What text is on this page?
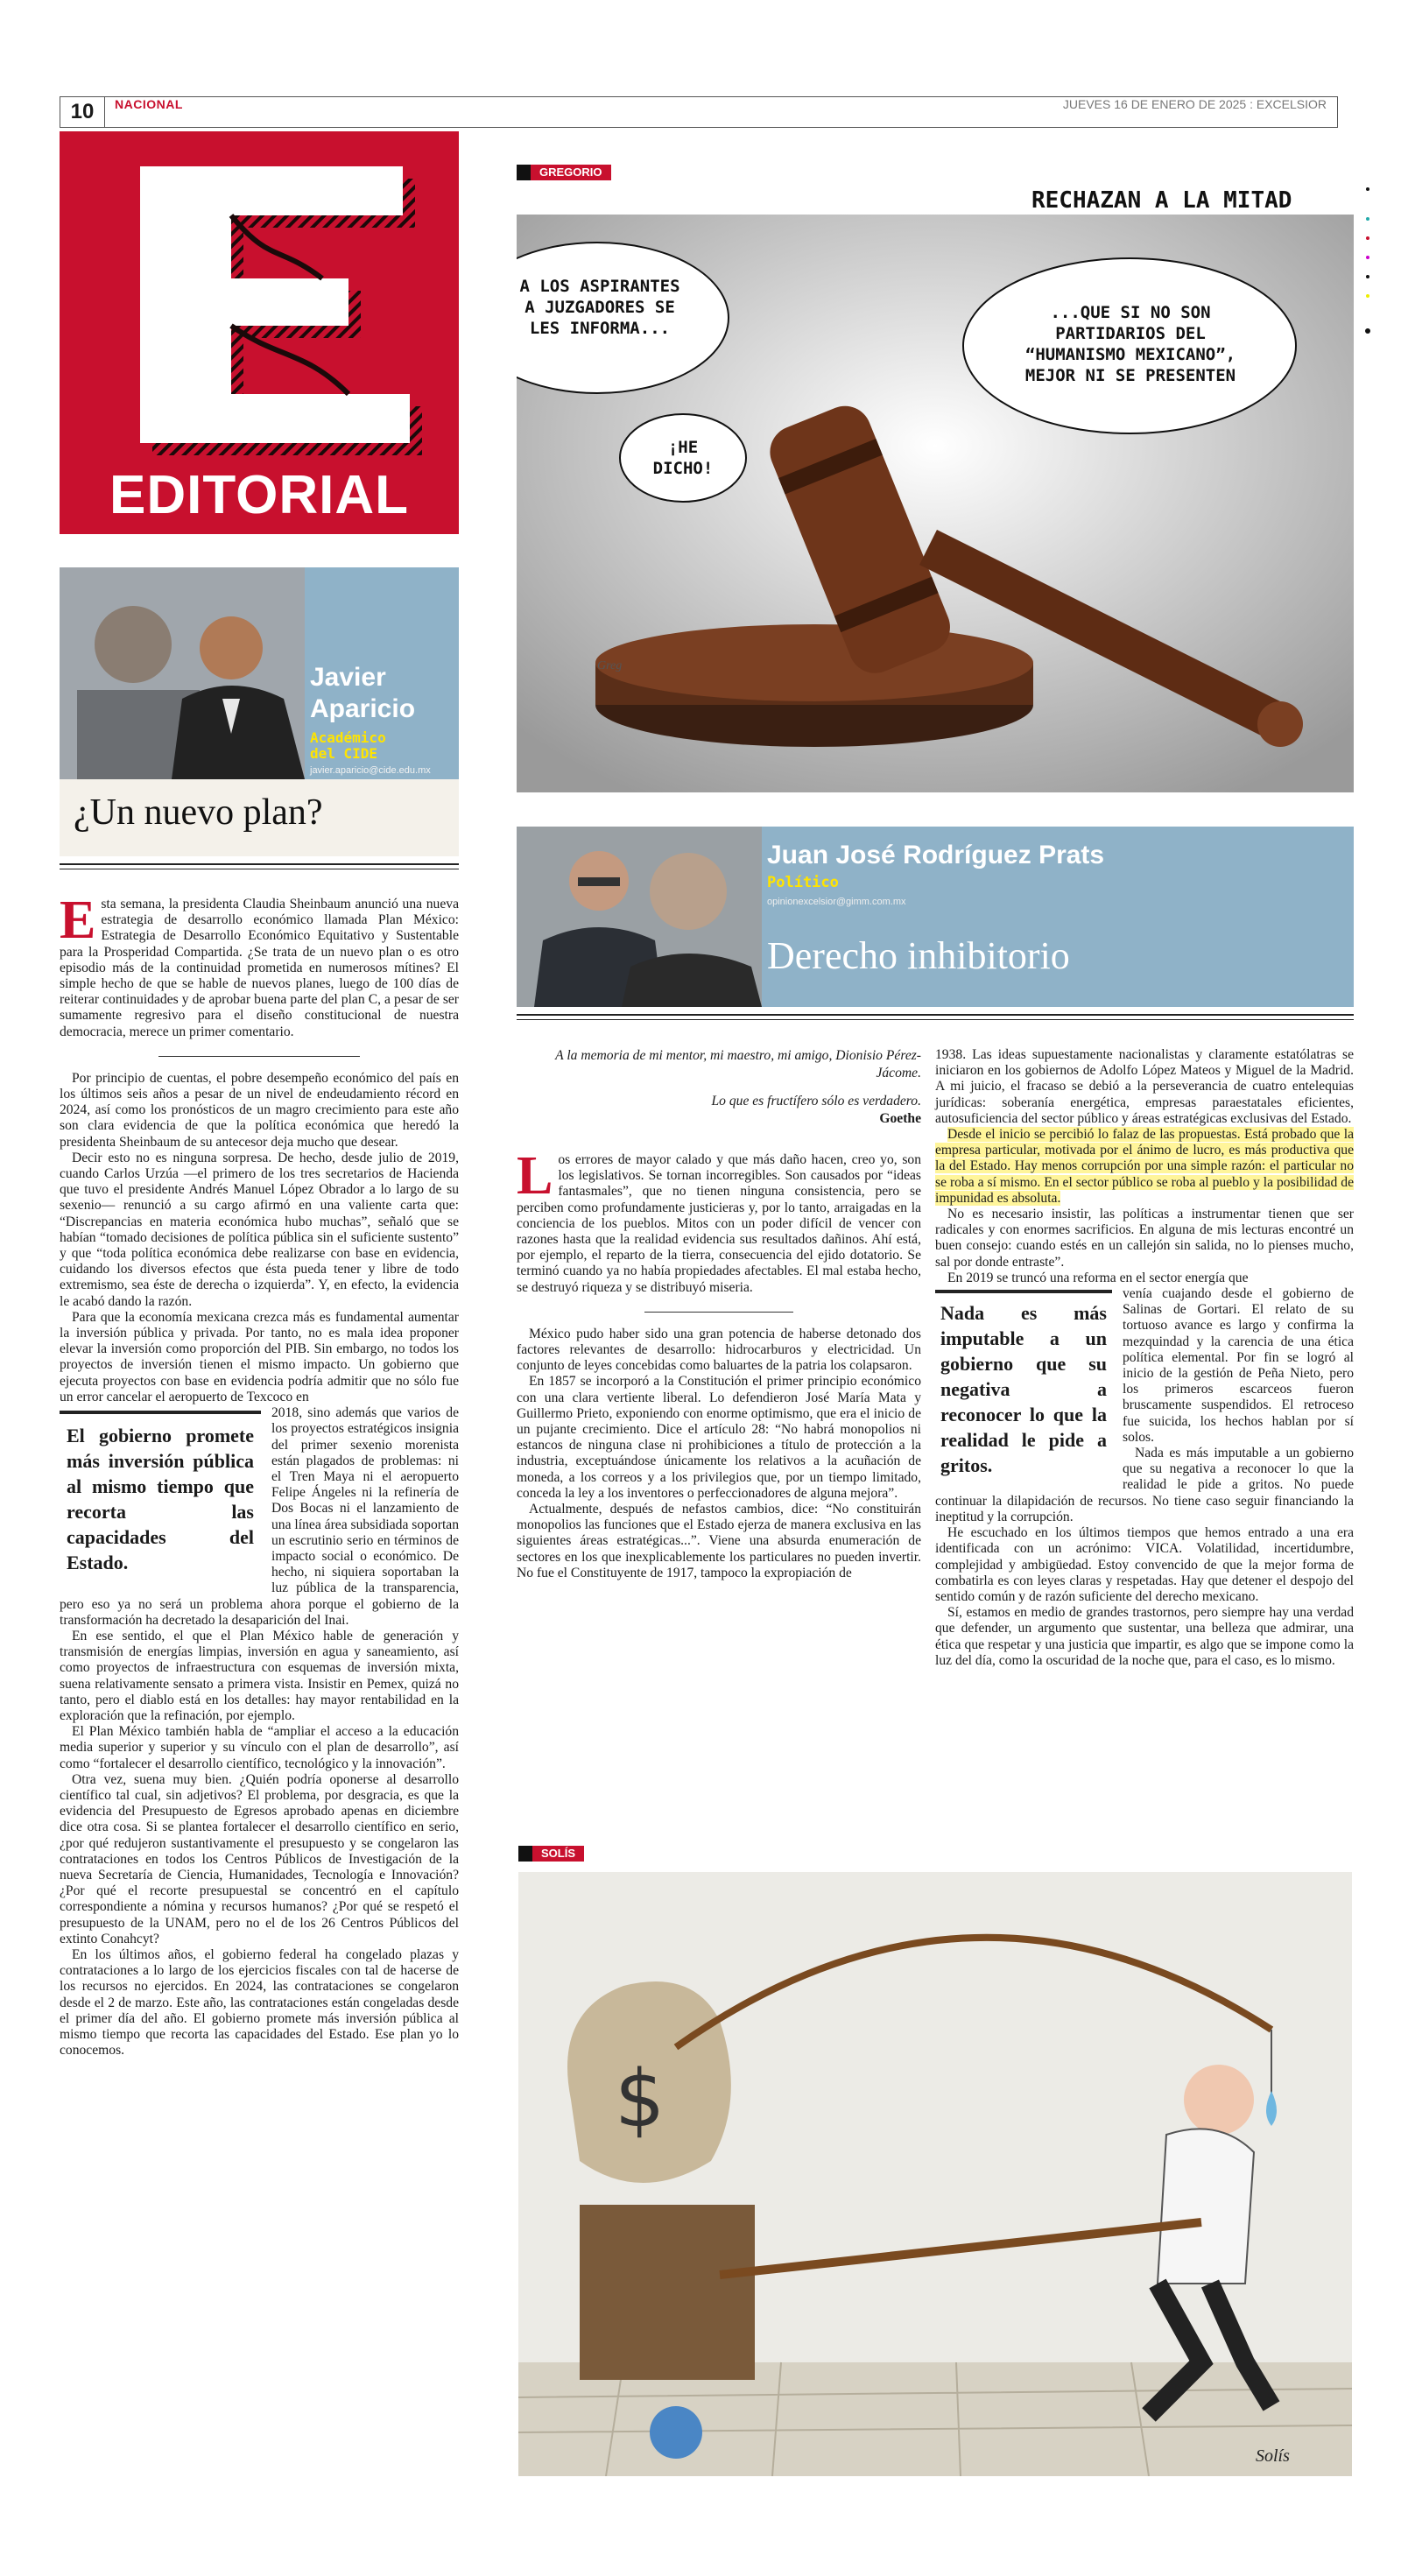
10	NACIONAL	JUEVES 16 DE ENERO DE 2025 : EXCELSIOR
EDITORIAL
Javier
Aparicio
Académico
del CIDE
javier.aparicio@cide.edu.mx
¿Un nuevo plan?
E sta semana, la presidenta Claudia Sheinbaum anunció una nueva estrategia de desarrollo económico llamada Plan México: Estrategia de Desarrollo Económico Equitativo y Sustentable para la Prosperidad Compartida. ¿Se trata de un nuevo plan o es otro episodio más de la continuidad prometida en numerosos mítines? El simple hecho de que se hable de nuevos planes, luego de 100 días de reiterar continuidades y de aprobar buena parte del plan C, a pesar de ser sumamente regresivo para el diseño constitucional de nuestra democracia, merece un primer comentario.

Por principio de cuentas, el pobre desempeño económico del país en los últimos seis años a pesar de un nivel de endeudamiento récord en 2024, así como los pronósticos de un magro crecimiento para este año son clara evidencia de que la política económica que heredó la presidenta Sheinbaum de su antecesor deja mucho que desear.

Decir esto no es ninguna sorpresa. De hecho, desde julio de 2019, cuando Carlos Urzúa —el primero de los tres secretarios de Hacienda que tuvo el presidente Andrés Manuel López Obrador a lo largo de su sexenio— renunció a su cargo afirmó en una valiente carta que: “Discrepancias en materia económica hubo muchas”, señaló que se habían “tomado decisiones de política pública sin el suficiente sustento” y que “toda política económica debe realizarse con base en evidencia, cuidando los diversos efectos que ésta pueda tener y libre de todo extremismo, sea éste de derecha o izquierda”. Y, en efecto, la evidencia le acabó dando la razón.

Para que la economía mexicana crezca más es fundamental aumentar la inversión pública y privada. Por tanto, no es mala idea proponer elevar la inversión como proporción del PIB. Sin embargo, no todos los proyectos de inversión tienen el mismo impacto. Un gobierno que ejecuta proyectos con base en evidencia podría admitir que no sólo fue un error cancelar el aeropuerto de Texcoco en

El gobierno promete más inversión pública al mismo tiempo que recorta las capacidades del Estado.

2018, sino además que varios de los proyectos estratégicos insignia del primer sexenio morenista están plagados de problemas: ni el Tren Maya ni el aeropuerto Felipe Ángeles ni la refinería de Dos Bocas ni el lanzamiento de una línea área subsidiada soportan un escrutinio serio en términos de impacto social o económico. De hecho, ni siquiera soportaban la luz pública de la transparencia, pero eso ya no será un problema ahora porque el gobierno de la transformación ha decretado la desaparición del Inai.

En ese sentido, el que el Plan México hable de generación y transmisión de energías limpias, inversión en agua y saneamiento, así como proyectos de infraestructura con esquemas de inversión mixta, suena relativamente sensato a primera vista. Insistir en Pemex, quizá no tanto, pero el diablo está en los detalles: hay mayor rentabilidad en la exploración que la refinación, por ejemplo.

El Plan México también habla de “ampliar el acceso a la educación media superior y superior y su vínculo con el plan de desarrollo”, así como “fortalecer el desarrollo científico, tecnológico y la innovación”.

Otra vez, suena muy bien. ¿Quién podría oponerse al desarrollo científico tal cual, sin adjetivos? El problema, por desgracia, es que la evidencia del Presupuesto de Egresos aprobado apenas en diciembre dice otra cosa. Si se plantea fortalecer el desarrollo científico en serio, ¿por qué redujeron sustantivamente el presupuesto y se congelaron las contrataciones en todos los Centros Públicos de Investigación de la nueva Secretaría de Ciencia, Humanidades, Tecnología e Innovación? ¿Por qué el recorte presupuestal se concentró en el capítulo correspondiente a nómina y recursos humanos? ¿Por qué se respetó el presupuesto de la UNAM, pero no el de los 26 Centros Públicos del extinto Conahcyt?

En los últimos años, el gobierno federal ha congelado plazas y contrataciones a lo largo de los ejercicios fiscales con tal de hacerse de los recursos no ejercidos. En 2024, las contrataciones se congelaron desde el 2 de marzo. Este año, las contrataciones están congeladas desde el primer día del año. El gobierno promete más inversión pública al mismo tiempo que recorta las capacidades del Estado. Ese plan yo lo conocemos.

GREGORIO
RECHAZAN A LA MITAD
A LOS ASPIRANTES A JUZGADORES SE LES INFORMA...
...QUE SI NO SON PARTIDARIOS DEL “HUMANISMO MEXICANO”, MEJOR NI SE PRESENTEN
¡HE DICHO!
Greg
Juan José Rodríguez Prats
Político
opinionexcelsior@gimm.com.mx
Derecho inhibitorio
A la memoria de mi mentor, mi maestro, mi amigo, Dionisio Pérez-Jácome.
Lo que es fructífero sólo es verdadero.
Goethe
L os errores de mayor calado y que más daño hacen, creo yo, son los legislativos. Se tornan incorregibles. Son causados por “ideas fantasmales”, que no tienen ninguna consistencia, pero se perciben como profundamente justicieras y, por lo tanto, arraigadas en la conciencia de los pueblos. Mitos con un poder difícil de vencer con razones hasta que la realidad evidencia sus resultados dañinos. Ahí está, por ejemplo, el reparto de la tierra, consecuencia del ejido dotatorio. Se terminó cuando ya no había propiedades afectables. El mal estaba hecho, se destruyó riqueza y se distribuyó miseria.

México pudo haber sido una gran potencia de haberse detonado dos factores relevantes de desarrollo: hidrocarburos y electricidad. Un conjunto de leyes concebidas como baluartes de la patria los colapsaron.

En 1857 se incorporó a la Constitución el primer principio económico con una clara vertiente liberal. Lo defendieron José María Mata y Guillermo Prieto, exponiendo con enorme optimismo, que era el inicio de un pujante crecimiento. Dice el artículo 28: “No habrá monopolios ni estancos de ninguna clase ni prohibiciones a título de protección a la industria, exceptuándose únicamente los relativos a la acuñación de moneda, a los correos y a los privilegios que, por un tiempo limitado, conceda la ley a los inventores o perfeccionadores de alguna mejora”.

Actualmente, después de nefastos cambios, dice: “No constituirán monopolios las funciones que el Estado ejerza de manera exclusiva en las siguientes áreas estratégicas...”. Viene una absurda enumeración de sectores en los que inexplicablemente los particulares no pueden invertir. No fue el Constituyente de 1917, tampoco la expropiación de

1938. Las ideas supuestamente nacionalistas y claramente estatólatras se iniciaron en los gobiernos de Adolfo López Mateos y Miguel de la Madrid. A mi juicio, el fracaso se debió a la perseverancia de cuatro entelequias jurídicas: soberanía energética, empresas paraestatales eficientes, autosuficiencia del sector público y áreas estratégicas exclusivas del Estado.

Desde el inicio se percibió lo falaz de las propuestas. Está probado que la empresa particular, motivada por el ánimo de lucro, es más productiva que la del Estado. Hay menos corrupción por una simple razón: el particular no se roba a sí mismo. En el sector público se roba al pueblo y la posibilidad de impunidad es absoluta.

No es necesario insistir, las políticas a instrumentar tienen que ser radicales y con enormes sacrificios. En alguna de mis lecturas encontré un buen consejo: cuando estés en un callejón sin salida, no lo pienses mucho, sal por donde entraste”.

En 2019 se truncó una reforma en el sector energía que

Nada es más imputable a un gobierno que su negativa a reconocer lo que la realidad le pide a gritos.

venía cuajando desde el gobierno de Salinas de Gortari. El relato de su tortuoso avance es largo y confirma la mezquindad y la carencia de una ética política elemental. Por fin se logró al inicio de la gestión de Peña Nieto, pero los primeros escarceos fueron bruscamente suspendidos. El retroceso fue suicida, los hechos hablan por sí solos.

Nada es más imputable a un gobierno que su negativa a reconocer lo que la realidad le pide a gritos. No puede continuar la dilapidación de recursos. No tiene caso seguir financiando la ineptitud y la corrupción.

He escuchado en los últimos tiempos que hemos entrado a una era identificada con un acrónimo: VICA. Volatilidad, incertidumbre, complejidad y ambigüedad. Estoy convencido de que la mejor forma de combatirla es con leyes claras y respetadas. Hay que detener el despojo del sentido común y de razón suficiente del derecho mexicano.

Sí, estamos en medio de grandes trastornos, pero siempre hay una verdad que defender, un argumento que sustentar, una belleza que admirar, una ética que respetar y una justicia que impartir, es algo que se impone como la luz del día, como la oscuridad de la noche que, para el caso, es lo mismo.

SOLÍS
$
Solís
